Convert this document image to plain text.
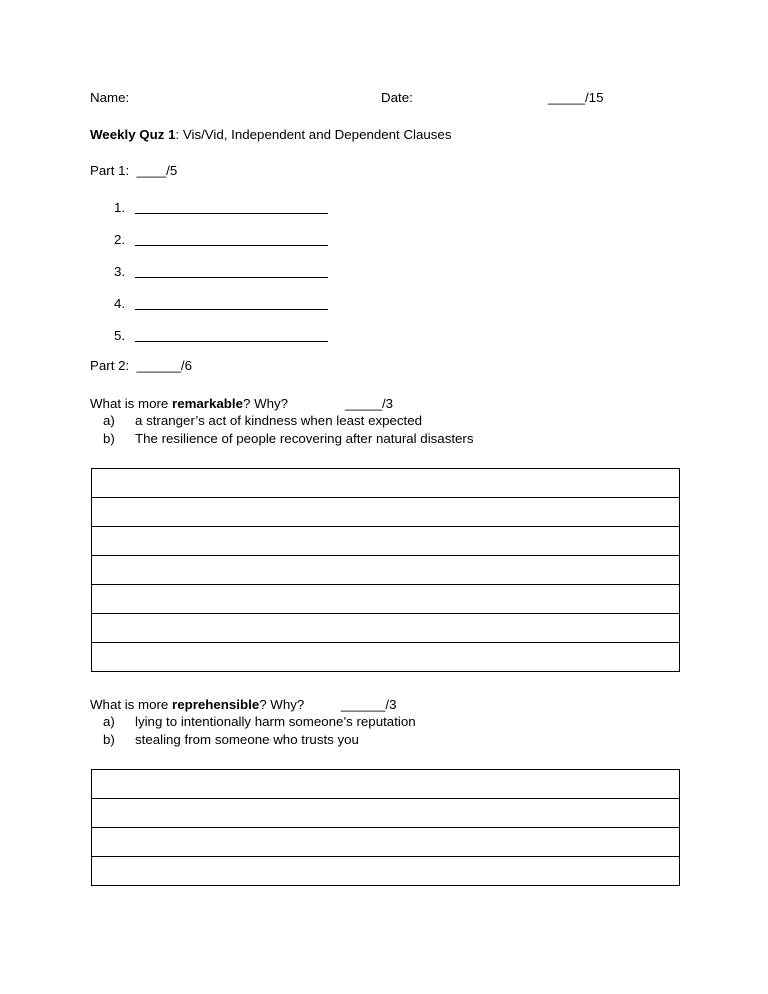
Name:	Date:	_____/15
Weekly Quz 1: Vis/Vid, Independent and Dependent Clauses
Part 1: ____/5
1.
2.
3.
4.
5.
Part 2: ______/6
What is more remarkable? Why?	_____/3
a) a stranger’s act of kindness when least expected
b) The resilience of people recovering after natural disasters

What is more reprehensible? Why?	______/3
a) lying to intentionally harm someone’s reputation
b) stealing from someone who trusts you
